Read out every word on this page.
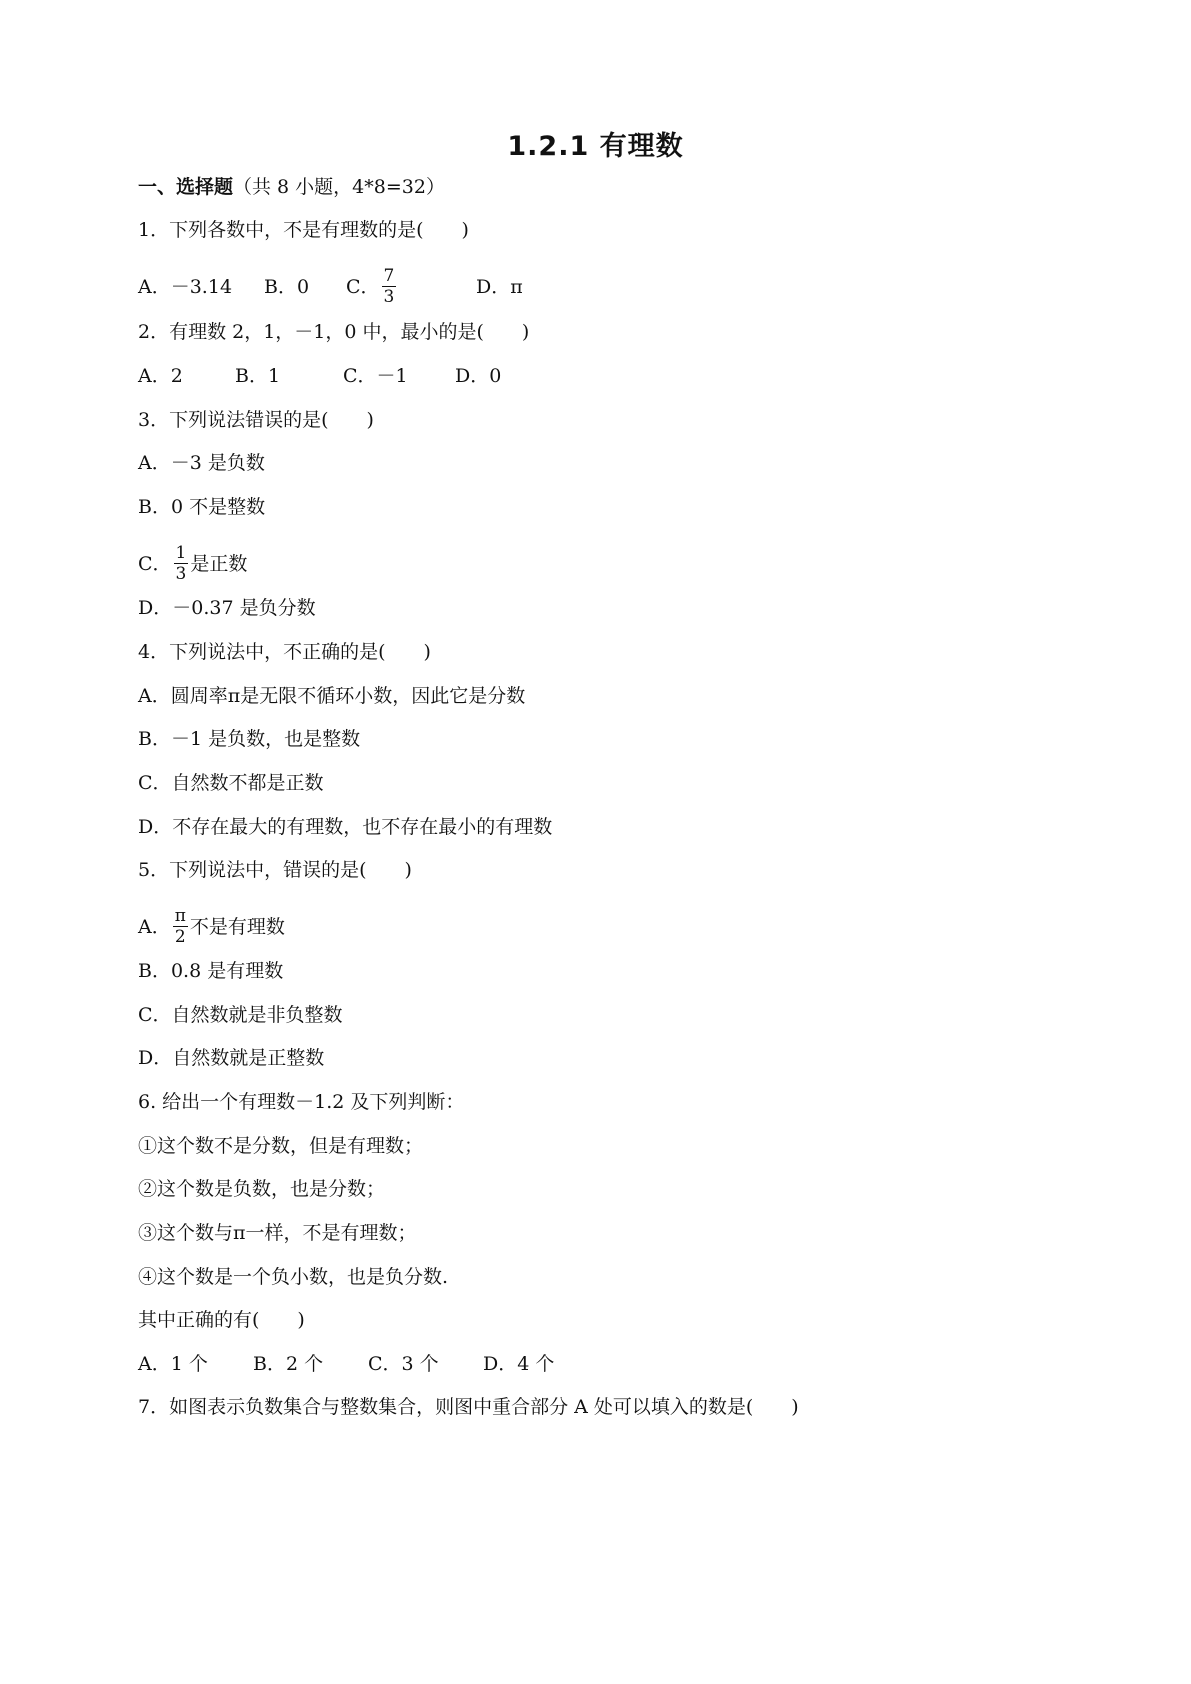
1.2.1 有理数
一、选择题 （共 8 小题，4*8=32）
1．下列各数中，不是有理数的是(　　)
A．－3.14	B．0	C． $\frac{7}{3}$	D．π
2．有理数 2，1，－1，0 中，最小的是(　　)
A．2	B．1	C．－1	D．0
3．下列说法错误的是(　　)
A．－3 是负数
B．0 不是整数
C． $\frac{1}{3}$ 是正数
D．－0.37 是负分数
4．下列说法中，不正确的是(　　)
A．圆周率π是无限不循环小数，因此它是分数
B．－1 是负数，也是整数
C．自然数不都是正数
D．不存在最大的有理数，也不存在最小的有理数
5．下列说法中，错误的是(　　)
A． $\frac{\pi}{2}$ 不是有理数
B．0.8 是有理数
C．自然数就是非负整数
D．自然数就是正整数
6. 给出一个有理数－1.2 及下列判断：
①这个数不是分数，但是有理数；
②这个数是负数，也是分数；
③这个数与π一样，不是有理数；
④这个数是一个负小数，也是负分数.
其中正确的有(　　)
A．1 个	B．2 个	C．3 个	D．4 个
7．如图表示负数集合与整数集合，则图中重合部分 A 处可以填入的数是(　　)
